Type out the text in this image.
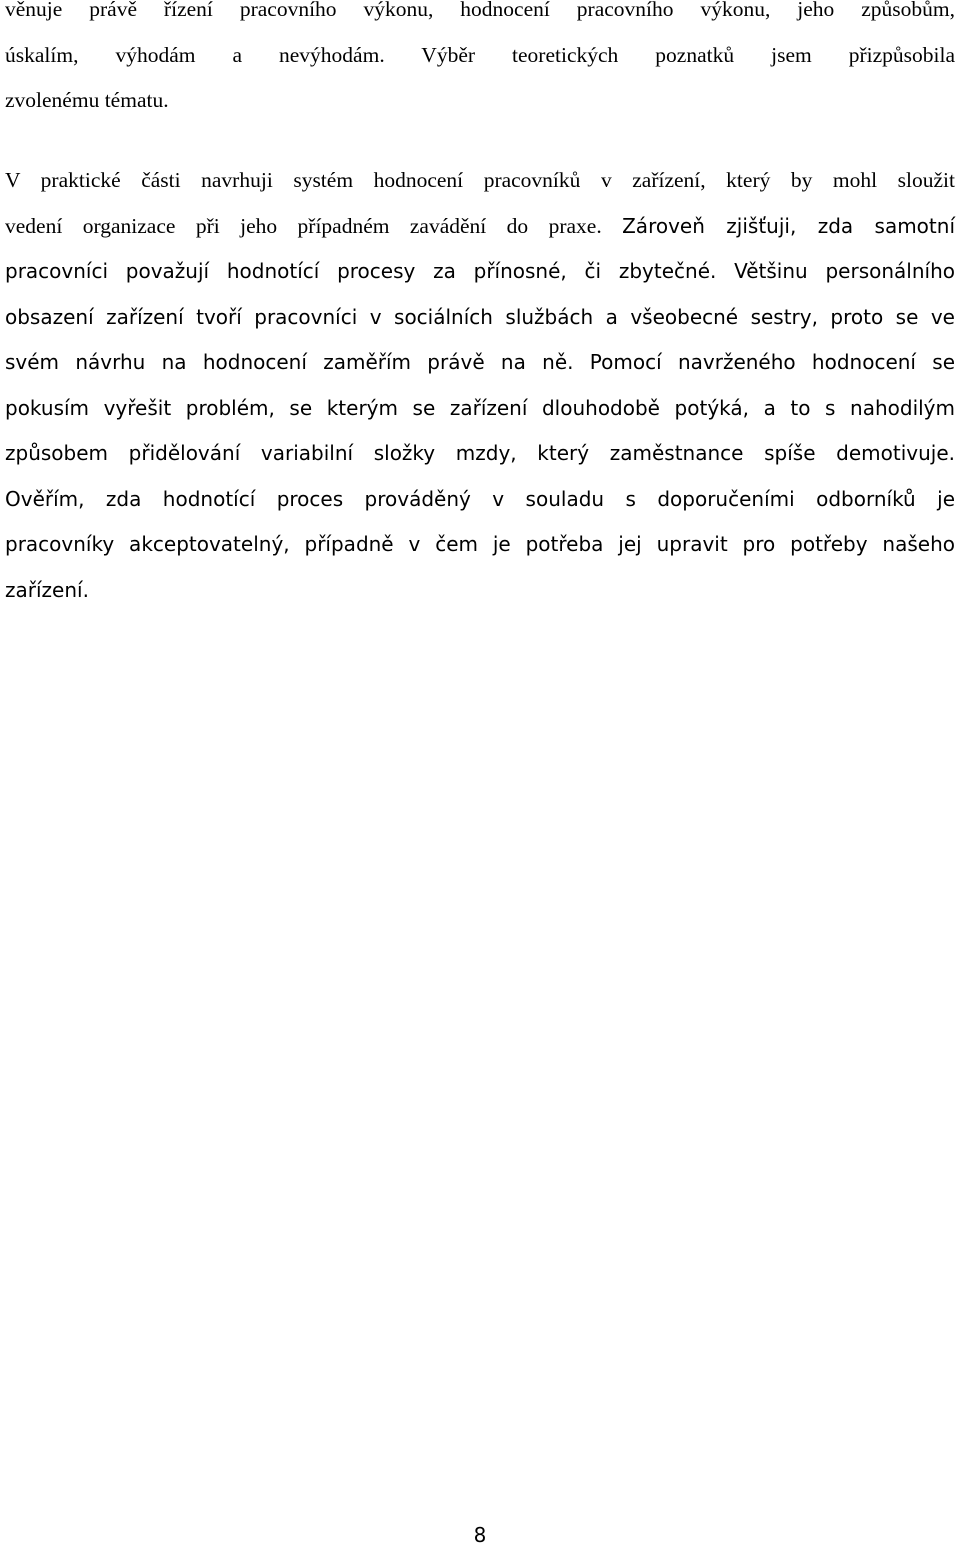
věnuje právě řízení pracovního výkonu, hodnocení pracovního výkonu, jeho způsobům,
úskalím, výhodám a nevýhodám. Výběr teoretických poznatků jsem přizpůsobila
zvolenému tématu.
V praktické části navrhuji systém hodnocení pracovníků v zařízení, který by mohl sloužit
vedení organizace při jeho případném zavádění do praxe. Zároveň zjišťuji, zda samotní
pracovníci považují hodnotící procesy za přínosné, či zbytečné. Většinu personálního
obsazení zařízení tvoří pracovníci v sociálních službách a všeobecné sestry, proto se ve
svém návrhu na hodnocení zaměřím právě na ně. Pomocí navrženého hodnocení se
pokusím vyřešit problém, se kterým se zařízení dlouhodobě potýká, a to s nahodilým
způsobem přidělování variabilní složky mzdy, který zaměstnance spíše demotivuje.
Ověřím, zda hodnotící proces prováděný v souladu s doporučeními odborníků je
pracovníky akceptovatelný, případně v čem je potřeba jej upravit pro potřeby našeho
zařízení.
8
